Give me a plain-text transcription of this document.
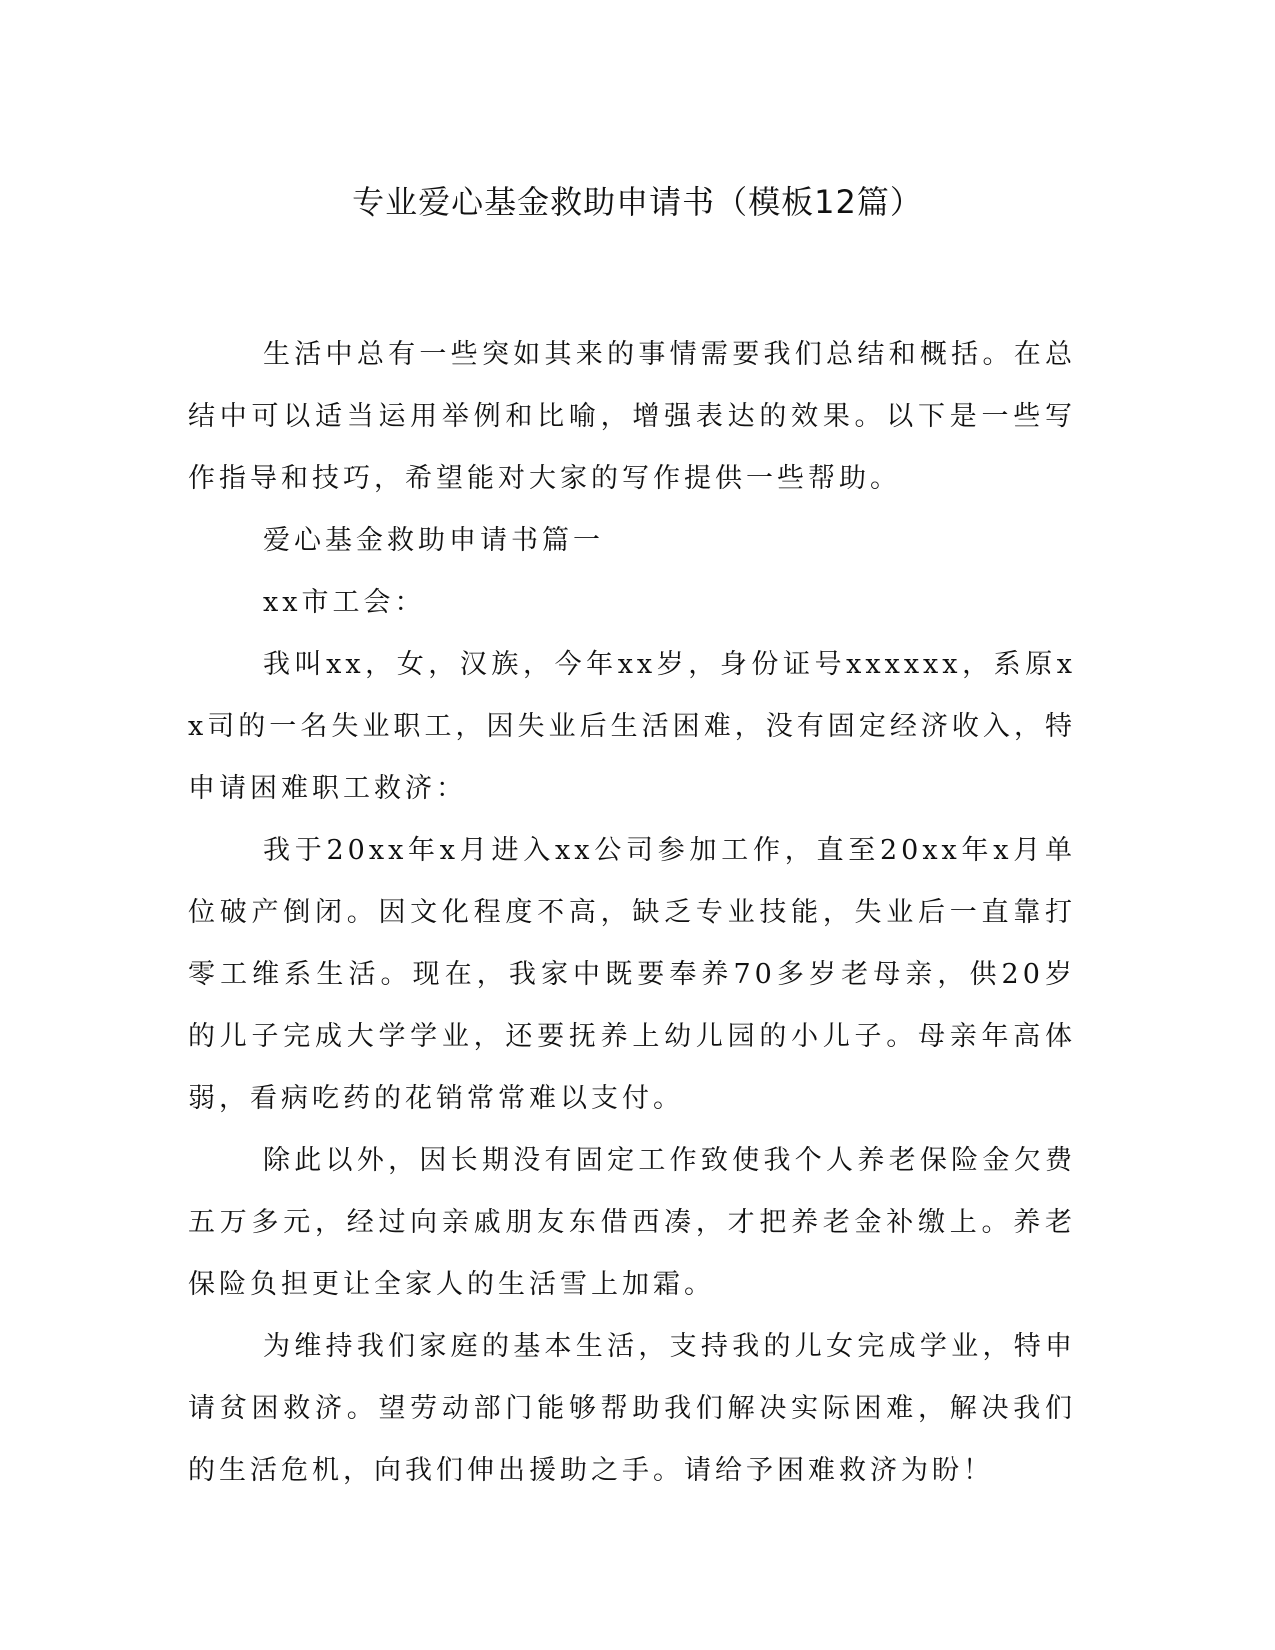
专业爱心基金救助申请书（模板12篇）

生活中总有一些突如其来的事情需要我们总结和概括。在总结中可以适当运用举例和比喻，增强表达的效果。以下是一些写作指导和技巧，希望能对大家的写作提供一些帮助。

爱心基金救助申请书篇一

xx市工会：

我叫xx，女，汉族，今年xx岁，身份证号xxxxxx，系原xx司的一名失业职工，因失业后生活困难，没有固定经济收入，特申请困难职工救济：

我于20xx年x月进入xx公司参加工作，直至20xx年x月单位破产倒闭。因文化程度不高，缺乏专业技能，失业后一直靠打零工维系生活。现在，我家中既要奉养70多岁老母亲，供20岁的儿子完成大学学业，还要抚养上幼儿园的小儿子。母亲年高体弱，看病吃药的花销常常难以支付。

除此以外，因长期没有固定工作致使我个人养老保险金欠费五万多元，经过向亲戚朋友东借西凑，才把养老金补缴上。养老保险负担更让全家人的生活雪上加霜。

为维持我们家庭的基本生活，支持我的儿女完成学业，特申请贫困救济。望劳动部门能够帮助我们解决实际困难，解决我们的生活危机，向我们伸出援助之手。请给予困难救济为盼！
